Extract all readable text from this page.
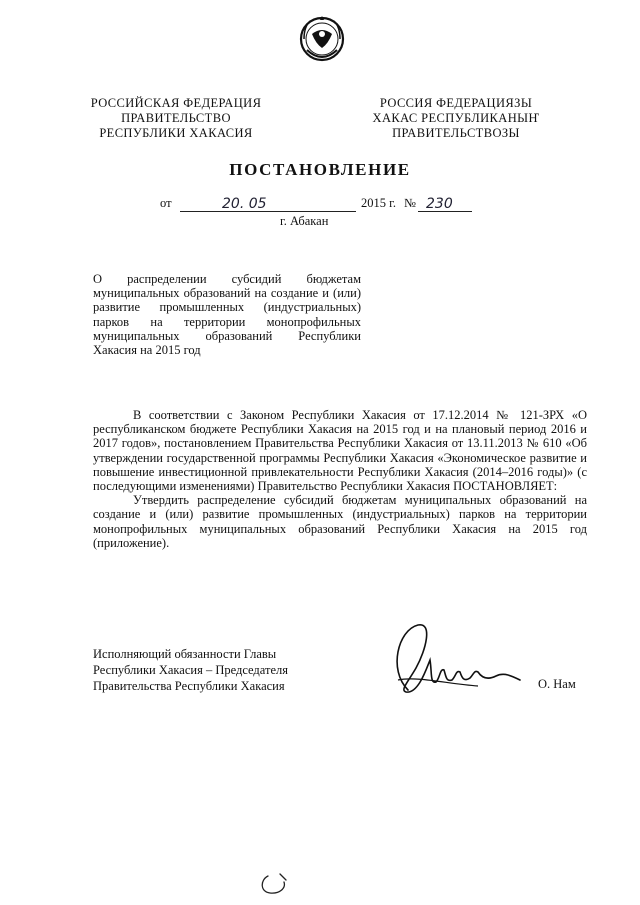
РОССИЙСКАЯ ФЕДЕРАЦИЯ
ПРАВИТЕЛЬСТВО
РЕСПУБЛИКИ ХАКАСИЯ
РОССИЯ ФЕДЕРАЦИЯЗЫ
ХАКАС РЕСПУБЛИКАНЫҤ
ПРАВИТЕЛЬСТВОЗЫ
ПОСТАНОВЛЕНИЕ
от	20. 05	2015 г. № 230
г. Абакан
О распределении субсидий бюджетам муниципальных образований на создание и (или) развитие промышленных (индустриальных) парков на территории монопрофильных муниципальных образований Республики Хакасия на 2015 год

В соответствии с Законом Республики Хакасия от 17.12.2014 № 121-ЗРХ «О республиканском бюджете Республики Хакасия на 2015 год и на плановый период 2016 и 2017 годов», постановлением Правительства Республики Хакасия от 13.11.2013 № 610 «Об утверждении государственной программы Республики Хакасия «Экономическое развитие и повышение инвестиционной привлекательности Республики Хакасия (2014–2016 годы)» (с последующими изменениями) Правительство Республики Хакасия ПОСТАНОВЛЯЕТ:

Утвердить распределение субсидий бюджетам муниципальных образований на создание и (или) развитие промышленных (индустриальных) парков на территории монопрофильных муниципальных образований Республики Хакасия на 2015 год (приложение).

Исполняющий обязанности Главы
Республики Хакасия – Председателя
Правительства Республики Хакасия	О. Нам
